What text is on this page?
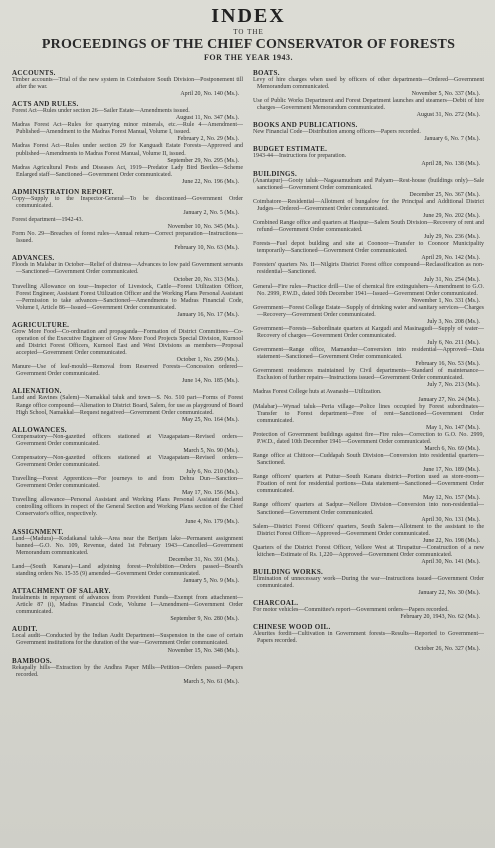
INDEX
TO THE
PROCEEDINGS OF THE CHIEF CONSERVATOR OF FORESTS
FOR THE YEAR 1943.
ACCOUNTS.
Timber accounts—Trial of the new system in Coimbatore South Division—Postponement till after the war.
April 20, No. 140 (Ms.).
ACTS AND RULES.
Forest Act—Rules under section 26—Sailer Estate—Amendments issued.
August 11, No. 347 (Ms.).
Madras Forest Act—Rules for quarrying minor minerals, etc.—Rule 4—Amendment—Published—Amendment to the Madras Forest Manual, Volume I, issued.
February 2, No. 29 (Ms.).
Madras Forest Act—Rules under section 29 for Kanguadi Estate Forests—Approved and published—Amendments to Madras Forest Manual, Volume II, issued.
September 29, No. 295 (Ms.).
Madras Agricultural Pests and Diseases Act, 1919—Predator Lady Bird Beetles—Scheme Enlarged staff—Sanctioned—Government Order communicated.
June 22, No. 196 (Ms.).
ADMINISTRATION REPORT.
Copy—Supply to the Inspector-General—To be discontinued—Government Order communicated.
January 2, No. 5 (Ms.).
Forest department—1942-43.
November 10, No. 345 (Ms.).
Form No. 29—Breaches of forest rules—Annual return—Correct preparation—Instructions—Issued.
February 10, No. 63 (Ms.).
ADVANCES.
Floods in Malabar in October—Relief of distress—Advances to low paid Government servants—Sanctioned—Government Order communicated.
October 20, No. 313 (Ms.).
Travelling Allowance on tour—Inspector of Livestock, Cattle—Forest Utilization Officer, Forest Engineer, Assistant Forest Utilization Officer and the Working Plans Personal Assistant—Permission to take advances—Sanctioned—Amendments to Madras Financial Code, Volume I, Article 86—Issued—Government Order communicated.
January 16, No. 17 (Ms.).
AGRICULTURE.
Grow More Food—Co-ordination and propaganda—Formation of District Committees—Co-operation of the Executive Engineer of Grow More Food Projects Special Division, Kurnool and District Forest Officers, Kurnool East and West Divisions as members—Proposal accepted—Government Order communicated.
October 1, No. 299 (Ms.).
Manure—Use of leaf-mould—Removal from Reserved Forests—Concession ordered—Government Order communicated.
June 14, No. 185 (Ms.).
ALIENATION.
Land and Ravines (Salem)—Namakkal taluk and town—S. No. 510 part—Forms of Forest Range office compound—Alienation to District Board, Salem, for use as playground of Board High School, Namakkal—Request negatived—Government Order communicated.
May 25, No. 164 (Ms.).
ALLOWANCES.
Compensatory—Non-gazetted officers stationed at Vizagapatam—Revised orders—Government Order communicated.
March 5, No. 90 (Ms.).
Compensatory—Non-gazetted officers stationed at Vizagapatam—Revised orders—Government Order communicated.
July 6, No. 210 (Ms.).
Travelling—Forest Apprentices—For journeys to and from Dehra Dun—Sanction—Government Order communicated.
May 17, No. 156 (Ms.).
Travelling allowance—Personal Assistant and Working Plans Personal Assistant declared controlling officers in respect of the General Section and Working Plans section of the Chief Conservator's office, respectively.
June 4, No. 179 (Ms.).
ASSIGNMENT.
Land—(Madura)—Kodaikanal taluk—Area near the Berijam lake—Permanent assignment banned—G.O. No. 109, Revenue, dated 1st February 1943—Cancelled—Government Memorandum communicated.
December 31, No. 391 (Ms.).
Land—(South Kanara)—Land adjoining forest—Prohibition—Orders passed—Board's standing orders No. 15-35 (9) amended—Government Order communicated.
January 5, No. 9 (Ms.).
ATTACHMENT OF SALARY.
Instalments in repayment of advances from Provident Funds—Exempt from attachment—Article 87 (i), Madras Financial Code, Volume I—Amendment—Government Order communicated.
September 9, No. 280 (Ms.).
AUDIT.
Local audit—Conducted by the Indian Audit Department—Suspension in the case of certain Government institutions for the duration of the war—Government Order communicated.
November 15, No. 348 (Ms.).
BAMBOOS.
Rekapally hills—Extraction by the Andhra Paper Mills—Petition—Orders passed—Papers recorded.
March 5, No. 61 (Ms.).
BOATS.
Levy of hire charges when used by officers of other departments—Ordered—Government Memorandum communicated.
November 5, No. 337 (Ms.).
Use of Public Works Department and Forest Department launches and steamers—Debit of hire charges—Government Memorandum communicated.
August 31, No. 272 (Ms.).
BOOKS AND PUBLICATIONS.
New Financial Code—Distribution among officers—Papers recorded.
January 6, No. 7 (Ms.).
BUDGET ESTIMATE.
1943-44—Instructions for preparation.
April 28, No. 138 (Ms.).
BUILDINGS.
(Anantapur)—Gooty taluk—Nagasamudram and Palyam—Rest-house (buildings only)—Sale sanctioned—Government Order communicated.
December 25, No. 367 (Ms.).
Coimbatore—Residential—Allotment of bungalow for the Principal and Additional District Judges—Ordered—Government Order communicated.
June 29, No. 202 (Ms.).
Combined Range office and quarters at Hasipur—Salem South Division—Recovery of rent and refund—Government Order communicated.
July 29, No. 236 (Ms.).
Forests—Fuel depot building and site at Coonoor—Transfer to Coonoor Municipality temporarily—Sanctioned—Government Order communicated.
April 29, No. 142 (Ms.).
Foresters' quarters No. II—Nilgiris District Forest office compound—Reclassification as non-residential—Sanctioned.
July 31, No. 254 (Ms.).
General—Fire rules—Practice drill—Use of chemical fire extinguishers—Amendment to G.O. No. 2999, P.W.D., dated 10th December 1941—Issued—Government Order communicated.
November 1, No. 331 (Ms.).
Government—Forest College Estate—Supply of drinking water and sanitary services—Charges—Recovery—Government Order communicated.
July 3, No. 208 (Ms.).
Government—Forests—Subordinate quarters at Kargudi and Masinagudi—Supply of water—Recovery of charges—Government Order communicated.
July 6, No. 211 (Ms.).
Government—Range office, Mamandur—Conversion into residential—Approved—Data statement—Sanctioned—Government Order communicated.
February 16, No. 53 (Ms.).
Government residences maintained by Civil departments—Standard of maintenance—Exclusion of further repairs—Instructions issued—Government Order communicated.
July 7, No. 213 (Ms.).
Madras Forest College huts at Avanashi—Utilization.
January 27, No. 24 (Ms.).
(Malabar)—Wynad taluk—Peria village—Police lines occupied by Forest subordinates—Transfer to Forest department—Free of rent—Sanctioned—Government Order communicated.
May 1, No. 147 (Ms.).
Protection of Government buildings against fire—Fire rules—Correction to G.O. No. 2999, P.W.D., dated 10th December 1941—Government Order communicated.
March 6, No. 69 (Ms.).
Range office at Chittoor—Cuddapah South Division—Conversion into residential quarters—Sanctioned.
June 17, No. 189 (Ms.).
Range officers' quarters at Puttur—South Kanara district—Portion used as store-room—Fixation of rent for residential portions—Data statement—Sanctioned—Government Order communicated.
May 12, No. 157 (Ms.).
Range officers' quarters at Sadpur—Nellore Division—Conversion into non-residential—Sanctioned—Government Order communicated.
April 30, No. 131 (Ms.).
Salem—District Forest Officers' quarters, South Salem—Allotment to the assistant to the District Forest Officer—Approved—Government Order communicated.
June 22, No. 198 (Ms.).
Quarters of the District Forest Officer, Vellore West at Tirupattur—Construction of a new kitchen—Estimate of Rs. 1,220—Approved—Government Order communicated.
April 30, No. 141 (Ms.).
BUILDING WORKS.
Elimination of unnecessary work—During the war—Instructions issued—Government Order communicated.
January 22, No. 30 (Ms.).
CHARCOAL.
For motor vehicles—Committee's report—Government orders—Papers recorded.
February 20, 1943, No. 62 (Ms.).
CHINESE WOOD OIL.
Aleurites fordii—Cultivation in Government forests—Results—Reported to Government—Papers recorded.
October 26, No. 327 (Ms.).
